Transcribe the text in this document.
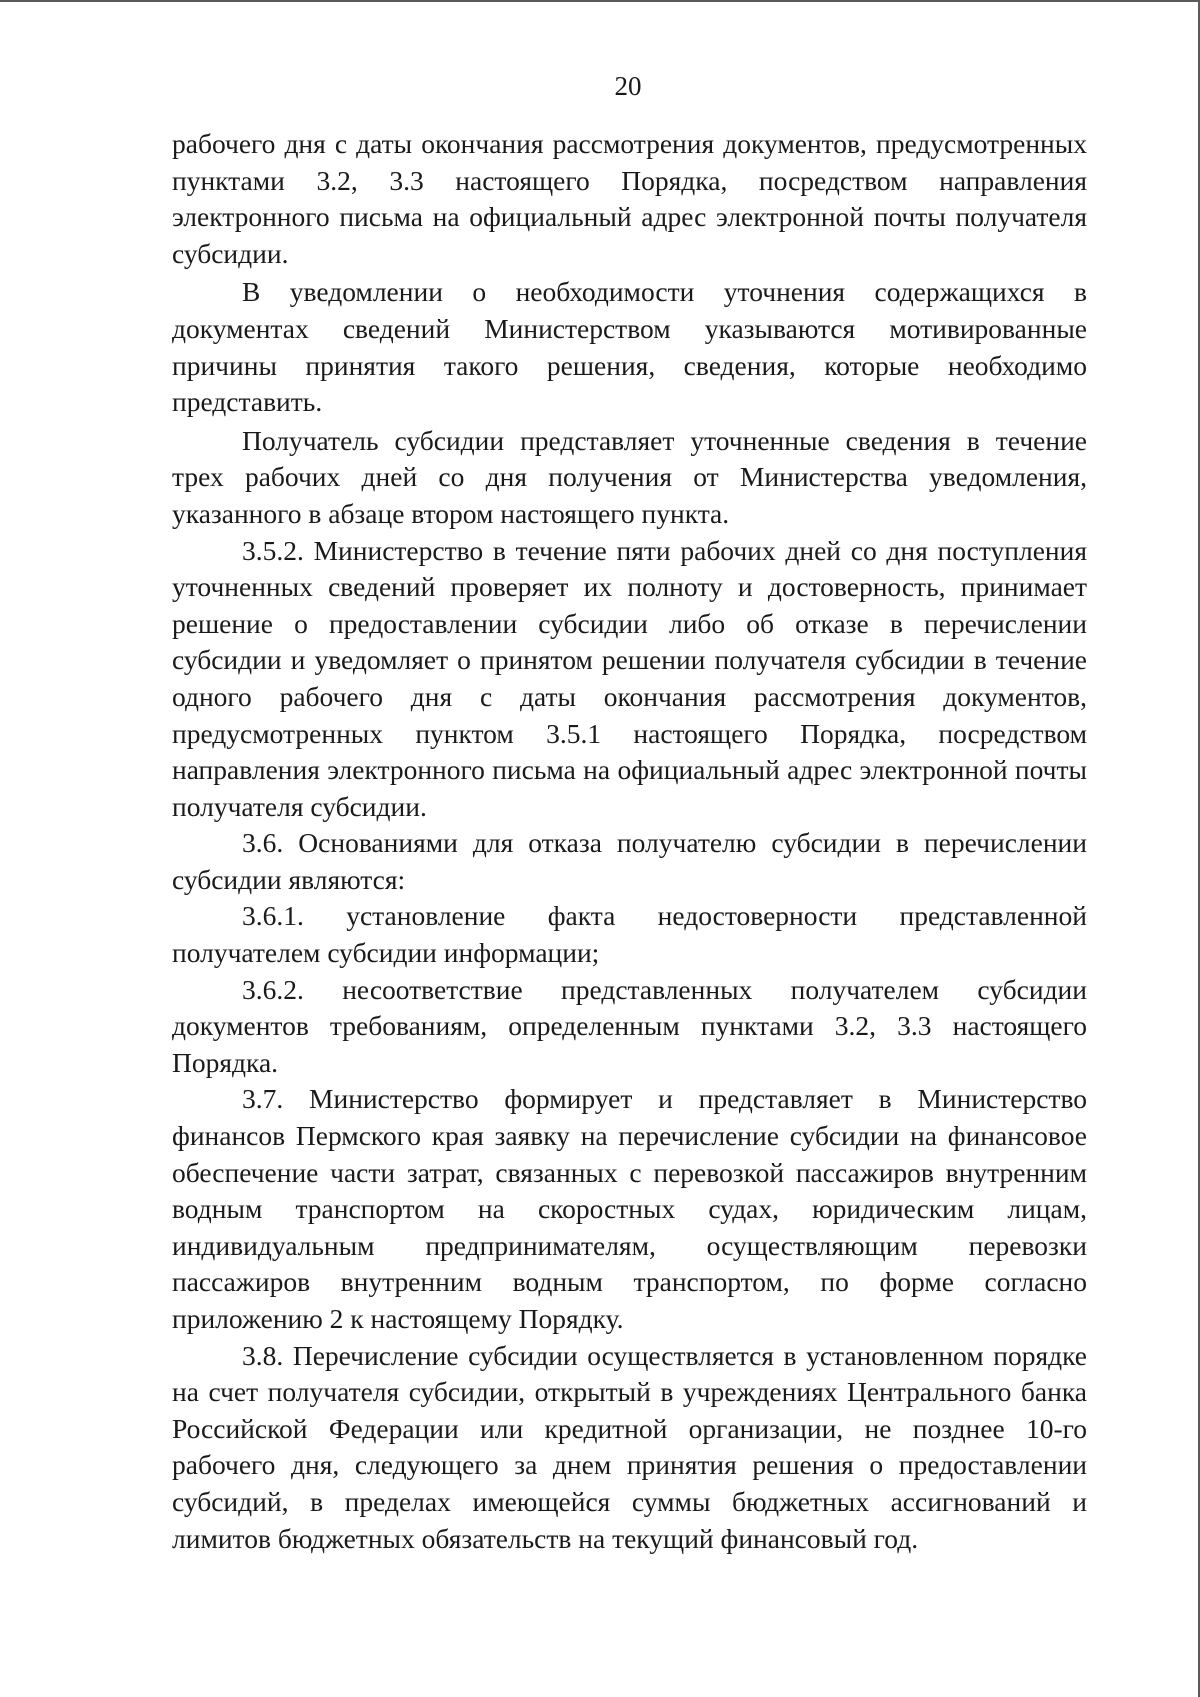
20

рабочего дня с даты окончания рассмотрения документов, предусмотренных пунктами 3.2, 3.3 настоящего Порядка, посредством направления электронного письма на официальный адрес электронной почты получателя субсидии.

В уведомлении о необходимости уточнения содержащихся в документах сведений Министерством указываются мотивированные причины принятия такого решения, сведения, которые необходимо представить.

Получатель субсидии представляет уточненные сведения в течение трех рабочих дней со дня получения от Министерства уведомления, указанного в абзаце втором настоящего пункта.

3.5.2. Министерство в течение пяти рабочих дней со дня поступления уточненных сведений проверяет их полноту и достоверность, принимает решение о предоставлении субсидии либо об отказе в перечислении субсидии и уведомляет о принятом решении получателя субсидии в течение одного рабочего дня с даты окончания рассмотрения документов, предусмотренных пунктом 3.5.1 настоящего Порядка, посредством направления электронного письма на официальный адрес электронной почты получателя субсидии.

3.6. Основаниями для отказа получателю субсидии в перечислении субсидии являются:

3.6.1. установление факта недостоверности представленной получателем субсидии информации;

3.6.2. несоответствие представленных получателем субсидии документов требованиям, определенным пунктами 3.2, 3.3 настоящего Порядка.

3.7. Министерство формирует и представляет в Министерство финансов Пермского края заявку на перечисление субсидии на финансовое обеспечение части затрат, связанных с перевозкой пассажиров внутренним водным транспортом на скоростных судах, юридическим лицам, индивидуальным предпринимателям, осуществляющим перевозки пассажиров внутренним водным транспортом, по форме согласно приложению 2 к настоящему Порядку.

3.8. Перечисление субсидии осуществляется в установленном порядке на счет получателя субсидии, открытый в учреждениях Центрального банка Российской Федерации или кредитной организации, не позднее 10-го рабочего дня, следующего за днем принятия решения о предоставлении субсидий, в пределах имеющейся суммы бюджетных ассигнований и лимитов бюджетных обязательств на текущий финансовый год.
